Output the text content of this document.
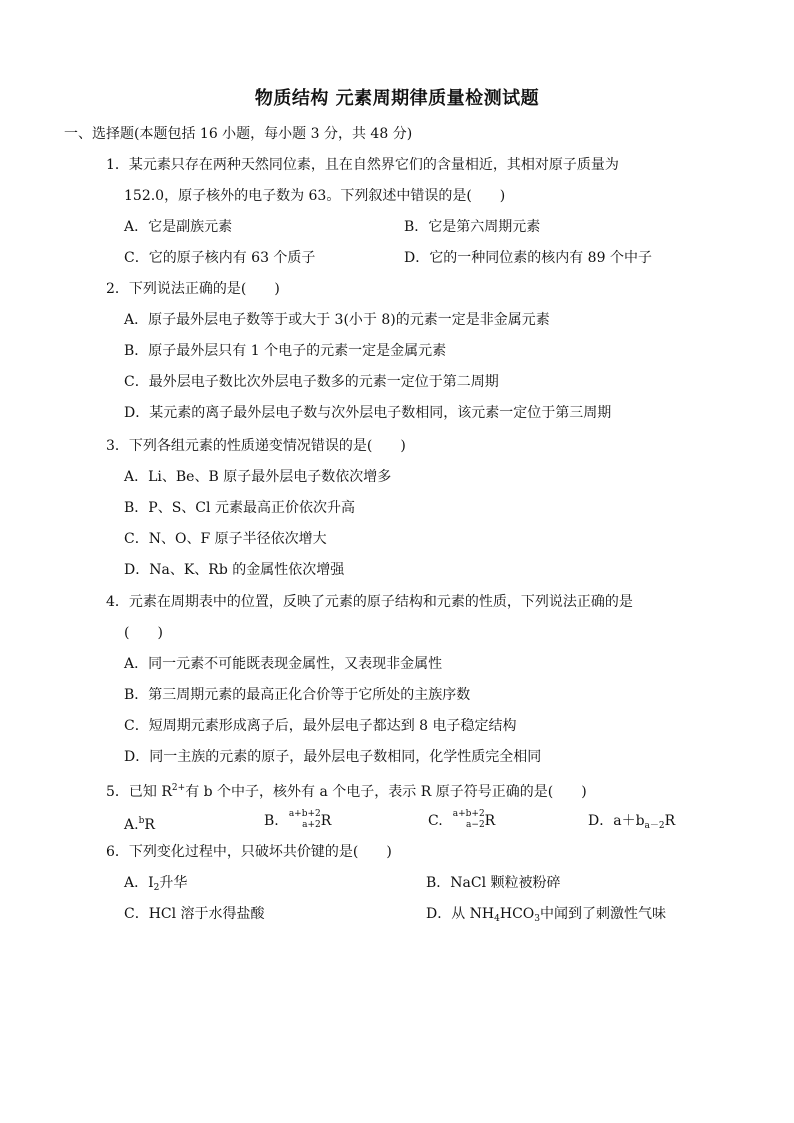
物质结构 元素周期律质量检测试题
一、选择题(本题包括 16 小题，每小题 3 分，共 48 分)
1．某元素只存在两种天然同位素，且在自然界它们的含量相近，其相对原子质量为
152.0，原子核外的电子数为 63。下列叙述中错误的是(　　)
A．它是副族元素	B．它是第六周期元素
C．它的原子核内有 63 个质子	D．它的一种同位素的核内有 89 个中子
2．下列说法正确的是(　　)
A．原子最外层电子数等于或大于 3(小于 8)的元素一定是非金属元素
B．原子最外层只有 1 个电子的元素一定是金属元素
C．最外层电子数比次外层电子数多的元素一定位于第二周期
D．某元素的离子最外层电子数与次外层电子数相同，该元素一定位于第三周期
3．下列各组元素的性质递变情况错误的是(　　)
A．Li、Be、B 原子最外层电子数依次增多
B．P、S、Cl 元素最高正价依次升高
C．N、O、F 原子半径依次增大
D．Na、K、Rb 的金属性依次增强
4．元素在周期表中的位置，反映了元素的原子结构和元素的性质，下列说法正确的是
(　　)
A．同一元素不可能既表现金属性，又表现非金属性
B．第三周期元素的最高正化合价等于它所处的主族序数
C．短周期元素形成离子后，最外层电子都达到 8 电子稳定结构
D．同一主族的元素的原子，最外层电子数相同，化学性质完全相同
5．已知 $R^{2+}$有 b 个中子，核外有 a 个电子，表示 R 原子符号正确的是(　　)
A.$^b$R	B. a+b+2
a+2 R	C. a+b+2
a−2 R	D．$a+b_{a-2}R$
6．下列变化过程中，只破坏共价键的是(　　)
A．$I_2$升华	B．NaCl 颗粒被粉碎
C．HCl 溶于水得盐酸	D．从 $NH_4HCO_3$中闻到了刺激性气味
